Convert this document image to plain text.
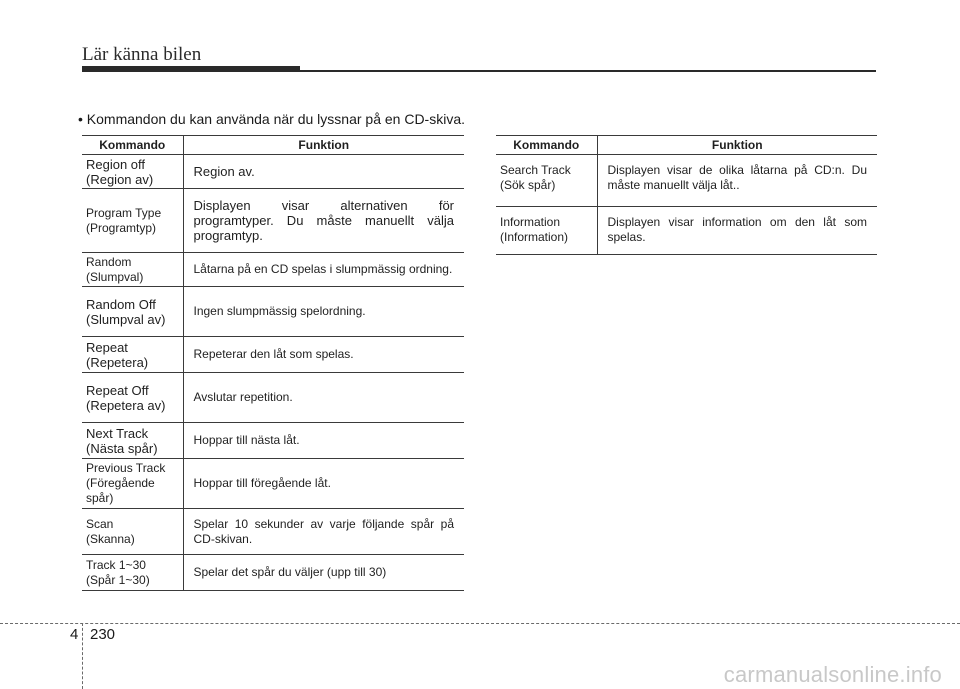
Lär känna bilen
• Kommandon du kan använda när du lyssnar på en CD-skiva.
Kommando	Funktion

Region off
(Region av)	Region av.

Program Type
(Programtyp)	Displayen visar alternativen för programtyper. Du måste manuellt välja programtyp.

Random
(Slumpval)	Låtarna på en CD spelas i slumpmässig ordning.

Random Off
(Slumpval av)	Ingen slumpmässig spelordning.

Repeat
(Repetera)	Repeterar den låt som spelas.

Repeat Off
(Repetera av)	Avslutar repetition.

Next Track
(Nästa spår)	Hoppar till nästa låt.

Previous Track
(Föregående
spår)	Hoppar till föregående låt.

Scan
(Skanna)	Spelar 10 sekunder av varje följande spår på CD-skivan.

Track 1~30
(Spår 1~30)	Spelar det spår du väljer (upp till 30)
Kommando	Funktion

Search Track
(Sök spår)	Displayen visar de olika låtarna på CD:n. Du måste manuellt välja låt..

Information
(Information)	Displayen visar information om den låt som spelas.
4 230
carmanualsonline.info
